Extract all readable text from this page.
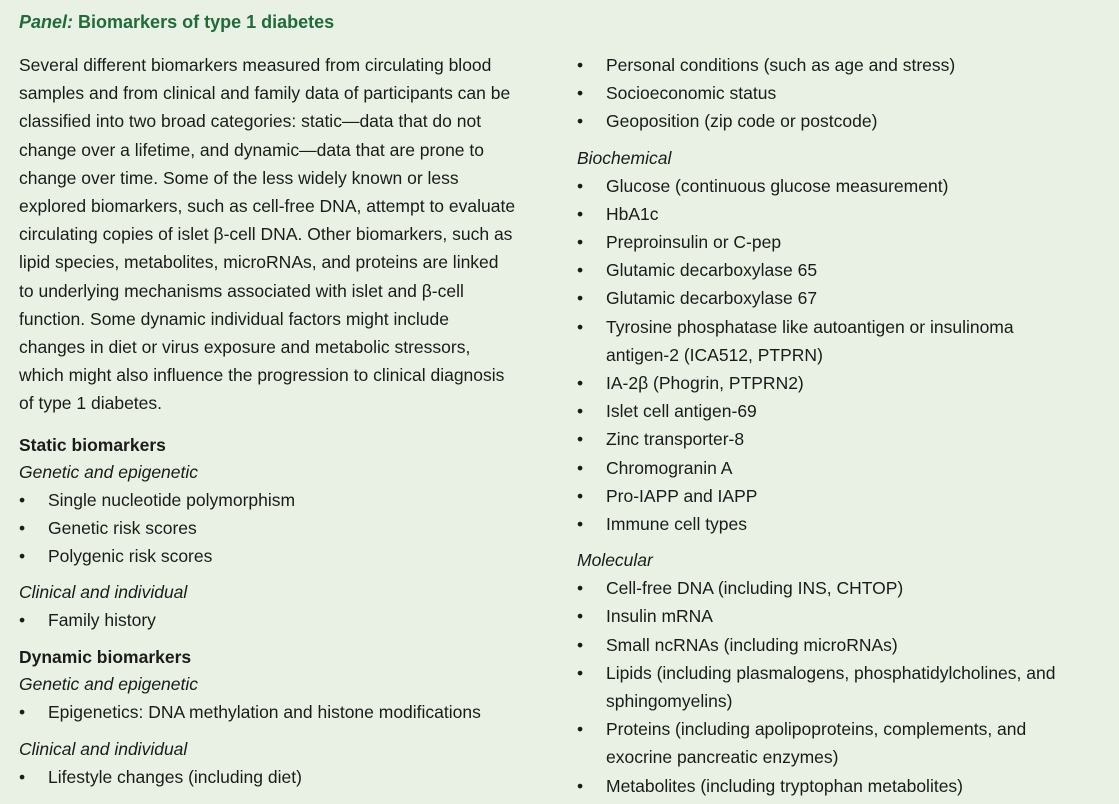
Panel: Biomarkers of type 1 diabetes

Several different biomarkers measured from circulating blood
samples and from clinical and family data of participants can be
classified into two broad categories: static—data that do not
change over a lifetime, and dynamic—data that are prone to
change over time. Some of the less widely known or less
explored biomarkers, such as cell-free DNA, attempt to evaluate
circulating copies of islet β-cell DNA. Other biomarkers, such as
lipid species, metabolites, microRNAs, and proteins are linked
to underlying mechanisms associated with islet and β-cell
function. Some dynamic individual factors might include
changes in diet or virus exposure and metabolic stressors,
which might also influence the progression to clinical diagnosis
of type 1 diabetes.

Static biomarkers

Genetic and epigenetic

• Single nucleotide polymorphism
• Genetic risk scores
• Polygenic risk scores

Clinical and individual

• Family history
Dynamic biomarkers

Genetic and epigenetic

• Epigenetics: DNA methylation and histone modifications

Clinical and individual

• Lifestyle changes (including diet)
• Personal conditions (such as age and stress)
• Socioeconomic status
• Geoposition (zip code or postcode)

Biochemical

• Glucose (continuous glucose measurement)
• HbA1c
• Preproinsulin or C-pep
• Glutamic decarboxylase 65
• Glutamic decarboxylase 67
• Tyrosine phosphatase like autoantigen or insulinoma
antigen-2 (ICA512, PTPRN)
• IA-2β (Phogrin, PTPRN2)
• Islet cell antigen-69
• Zinc transporter-8
• Chromogranin A
• Pro-IAPP and IAPP
• Immune cell types

Molecular

• Cell-free DNA (including INS, CHTOP)
• Insulin mRNA
• Small ncRNAs (including microRNAs)
• Lipids (including plasmalogens, phosphatidylcholines, and
sphingomyelins)
• Proteins (including apolipoproteins, complements, and
exocrine pancreatic enzymes)
• Metabolites (including tryptophan metabolites)
